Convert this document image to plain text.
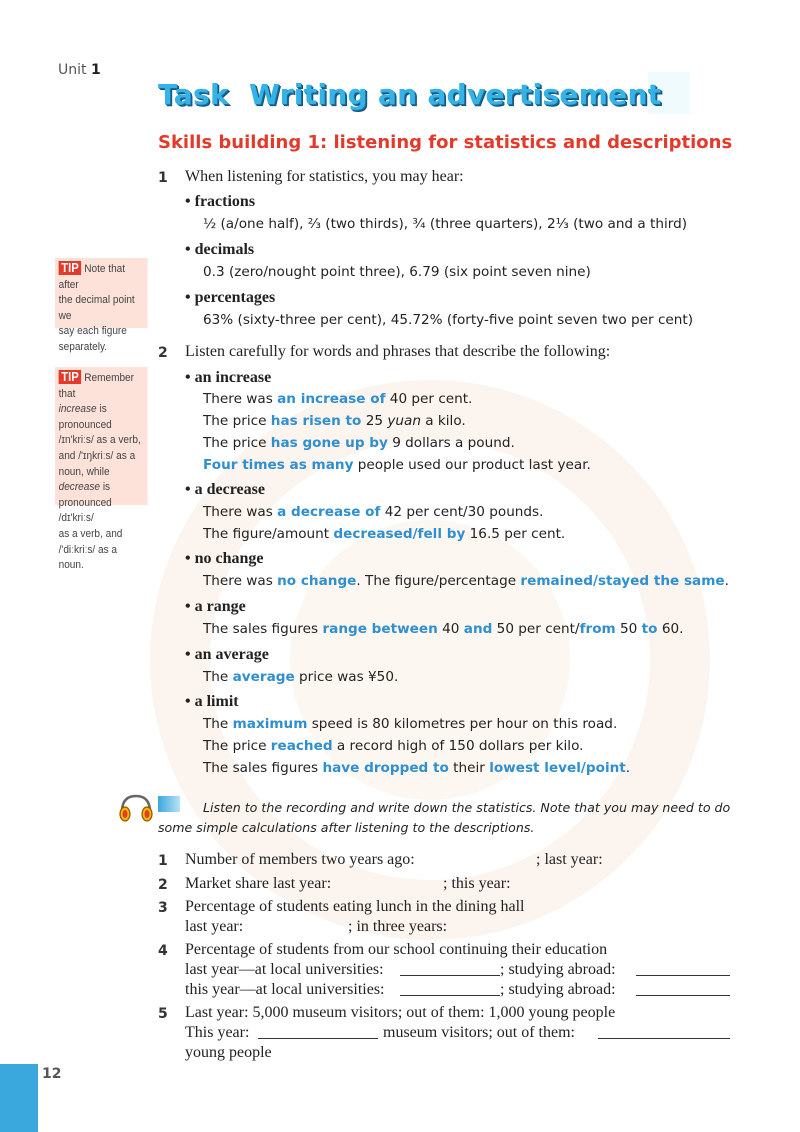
Unit 1
Task  Writing an advertisement
Skills building 1: listening for statistics and descriptions
TIP Note that after
the decimal point we
say each figure
separately.
TIP Remember that
increase is pronounced
/ɪn'kriːs/ as a verb,
and /'ɪŋkriːs/ as a
noun, while decrease is
pronounced /dɪ'kriːs/
as a verb, and
/'diːkriːs/ as a noun.
1 When listening for statistics, you may hear:
• fractions
½ (a/one half), ⅔ (two thirds), ¾ (three quarters), 2⅓ (two and a third)
• decimals
0.3 (zero/nought point three), 6.79 (six point seven nine)
• percentages
63% (sixty-three per cent), 45.72% (forty-five point seven two per cent)
2 Listen carefully for words and phrases that describe the following:
• an increase
There was an increase of 40 per cent.
The price has risen to 25 yuan a kilo.
The price has gone up by 9 dollars a pound.
Four times as many people used our product last year.
• a decrease
There was a decrease of 42 per cent/30 pounds.
The figure/amount decreased/fell by 16.5 per cent.
• no change
There was no change. The figure/percentage remained/stayed the same.
• a range
The sales figures range between 40 and 50 per cent/from 50 to 60.
• an average
The average price was ¥50.
• a limit
The maximum speed is 80 kilometres per hour on this road.
The price reached a record high of 150 dollars per kilo.
The sales figures have dropped to their lowest level/point.

Listen to the recording and write down the statistics. Note that you may need to do some simple calculations after listening to the descriptions.

1 Number of members two years ago:	; last year:
2 Market share last year:	; this year:
3 Percentage of students eating lunch in the dining hall
last year:	; in three years:
4 Percentage of students from our school continuing their education
last year—at local universities:	; studying abroad:
this year—at local universities:	; studying abroad:
5 Last year: 5,000 museum visitors; out of them: 1,000 young people
This year:	museum visitors; out of them:
young people
12
